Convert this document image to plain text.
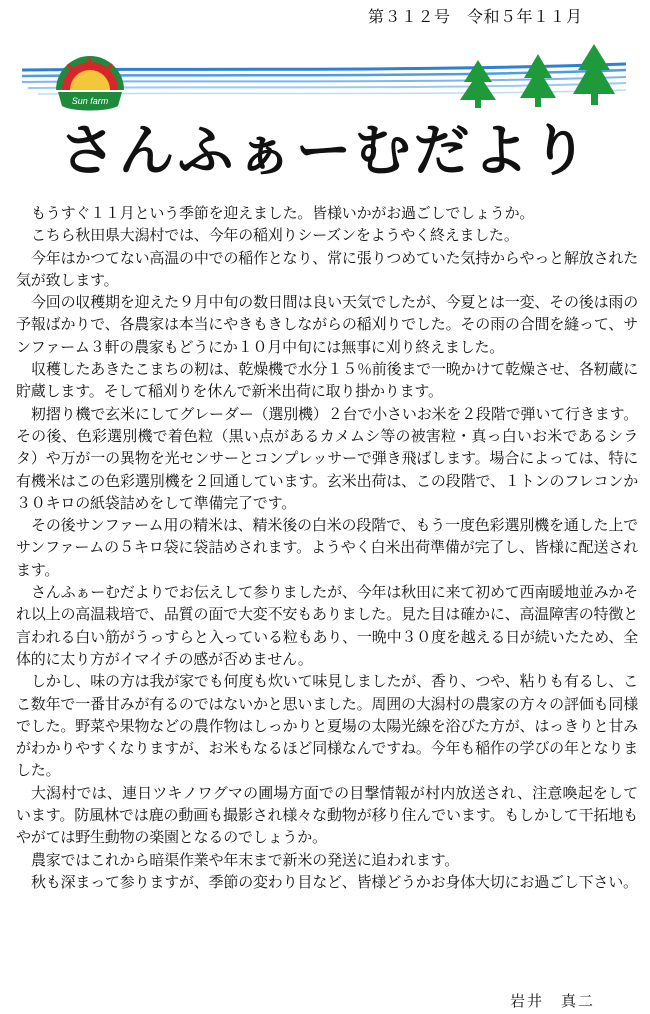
第３１２号　令和５年１１月
Sun farm
さんふぁーむだより

もうすぐ１１月という季節を迎えました。皆様いかがお過ごしでしょうか。

こちら秋田県大潟村では、今年の稲刈りシーズンをようやく終えました。

今年はかつてない高温の中での稲作となり、常に張りつめていた気持からやっと解放された気が致します。

今回の収穫期を迎えた９月中旬の数日間は良い天気でしたが、今夏とは一変、その後は雨の予報ばかりで、各農家は本当にやきもきしながらの稲刈りでした。その雨の合間を縫って、サンファーム３軒の農家もどうにか１０月中旬には無事に刈り終えました。

収穫したあきたこまちの籾は、乾燥機で水分１５％前後まで一晩かけて乾燥させ、各籾蔵に貯蔵します。そして稲刈りを休んで新米出荷に取り掛かります。

籾摺り機で玄米にしてグレーダー（選別機）２台で小さいお米を２段階で弾いて行きます。その後、色彩選別機で着色粒（黒い点があるカメムシ等の被害粒・真っ白いお米であるシラタ）や万が一の異物を光センサーとコンプレッサーで弾き飛ばします。場合によっては、特に有機米はこの色彩選別機を２回通しています。玄米出荷は、この段階で、１トンのフレコンか３０キロの紙袋詰めをして準備完了です。

その後サンファーム用の精米は、精米後の白米の段階で、もう一度色彩選別機を通した上でサンファームの５キロ袋に袋詰めされます。ようやく白米出荷準備が完了し、皆様に配送されます。

さんふぁーむだよりでお伝えして参りましたが、今年は秋田に来て初めて西南暖地並みかそれ以上の高温栽培で、品質の面で大変不安もありました。見た目は確かに、高温障害の特徴と言われる白い筋がうっすらと入っている粒もあり、一晩中３０度を越える日が続いたため、全体的に太り方がイマイチの感が否めません。

しかし、味の方は我が家でも何度も炊いて味見しましたが、香り、つや、粘りも有るし、ここ数年で一番甘みが有るのではないかと思いました。周囲の大潟村の農家の方々の評価も同様でした。野菜や果物などの農作物はしっかりと夏場の太陽光線を浴びた方が、はっきりと甘みがわかりやすくなりますが、お米もなるほど同様なんですね。今年も稲作の学びの年となりました。

大潟村では、連日ツキノワグマの圃場方面での目撃情報が村内放送され、注意喚起をしています。防風林では鹿の動画も撮影され様々な動物が移り住んでいます。もしかして干拓地もやがては野生動物の楽園となるのでしょうか。

農家ではこれから暗渠作業や年末まで新米の発送に追われます。

秋も深まって参りますが、季節の変わり目など、皆様どうかお身体大切にお過ごし下さい。

岩井　真二
